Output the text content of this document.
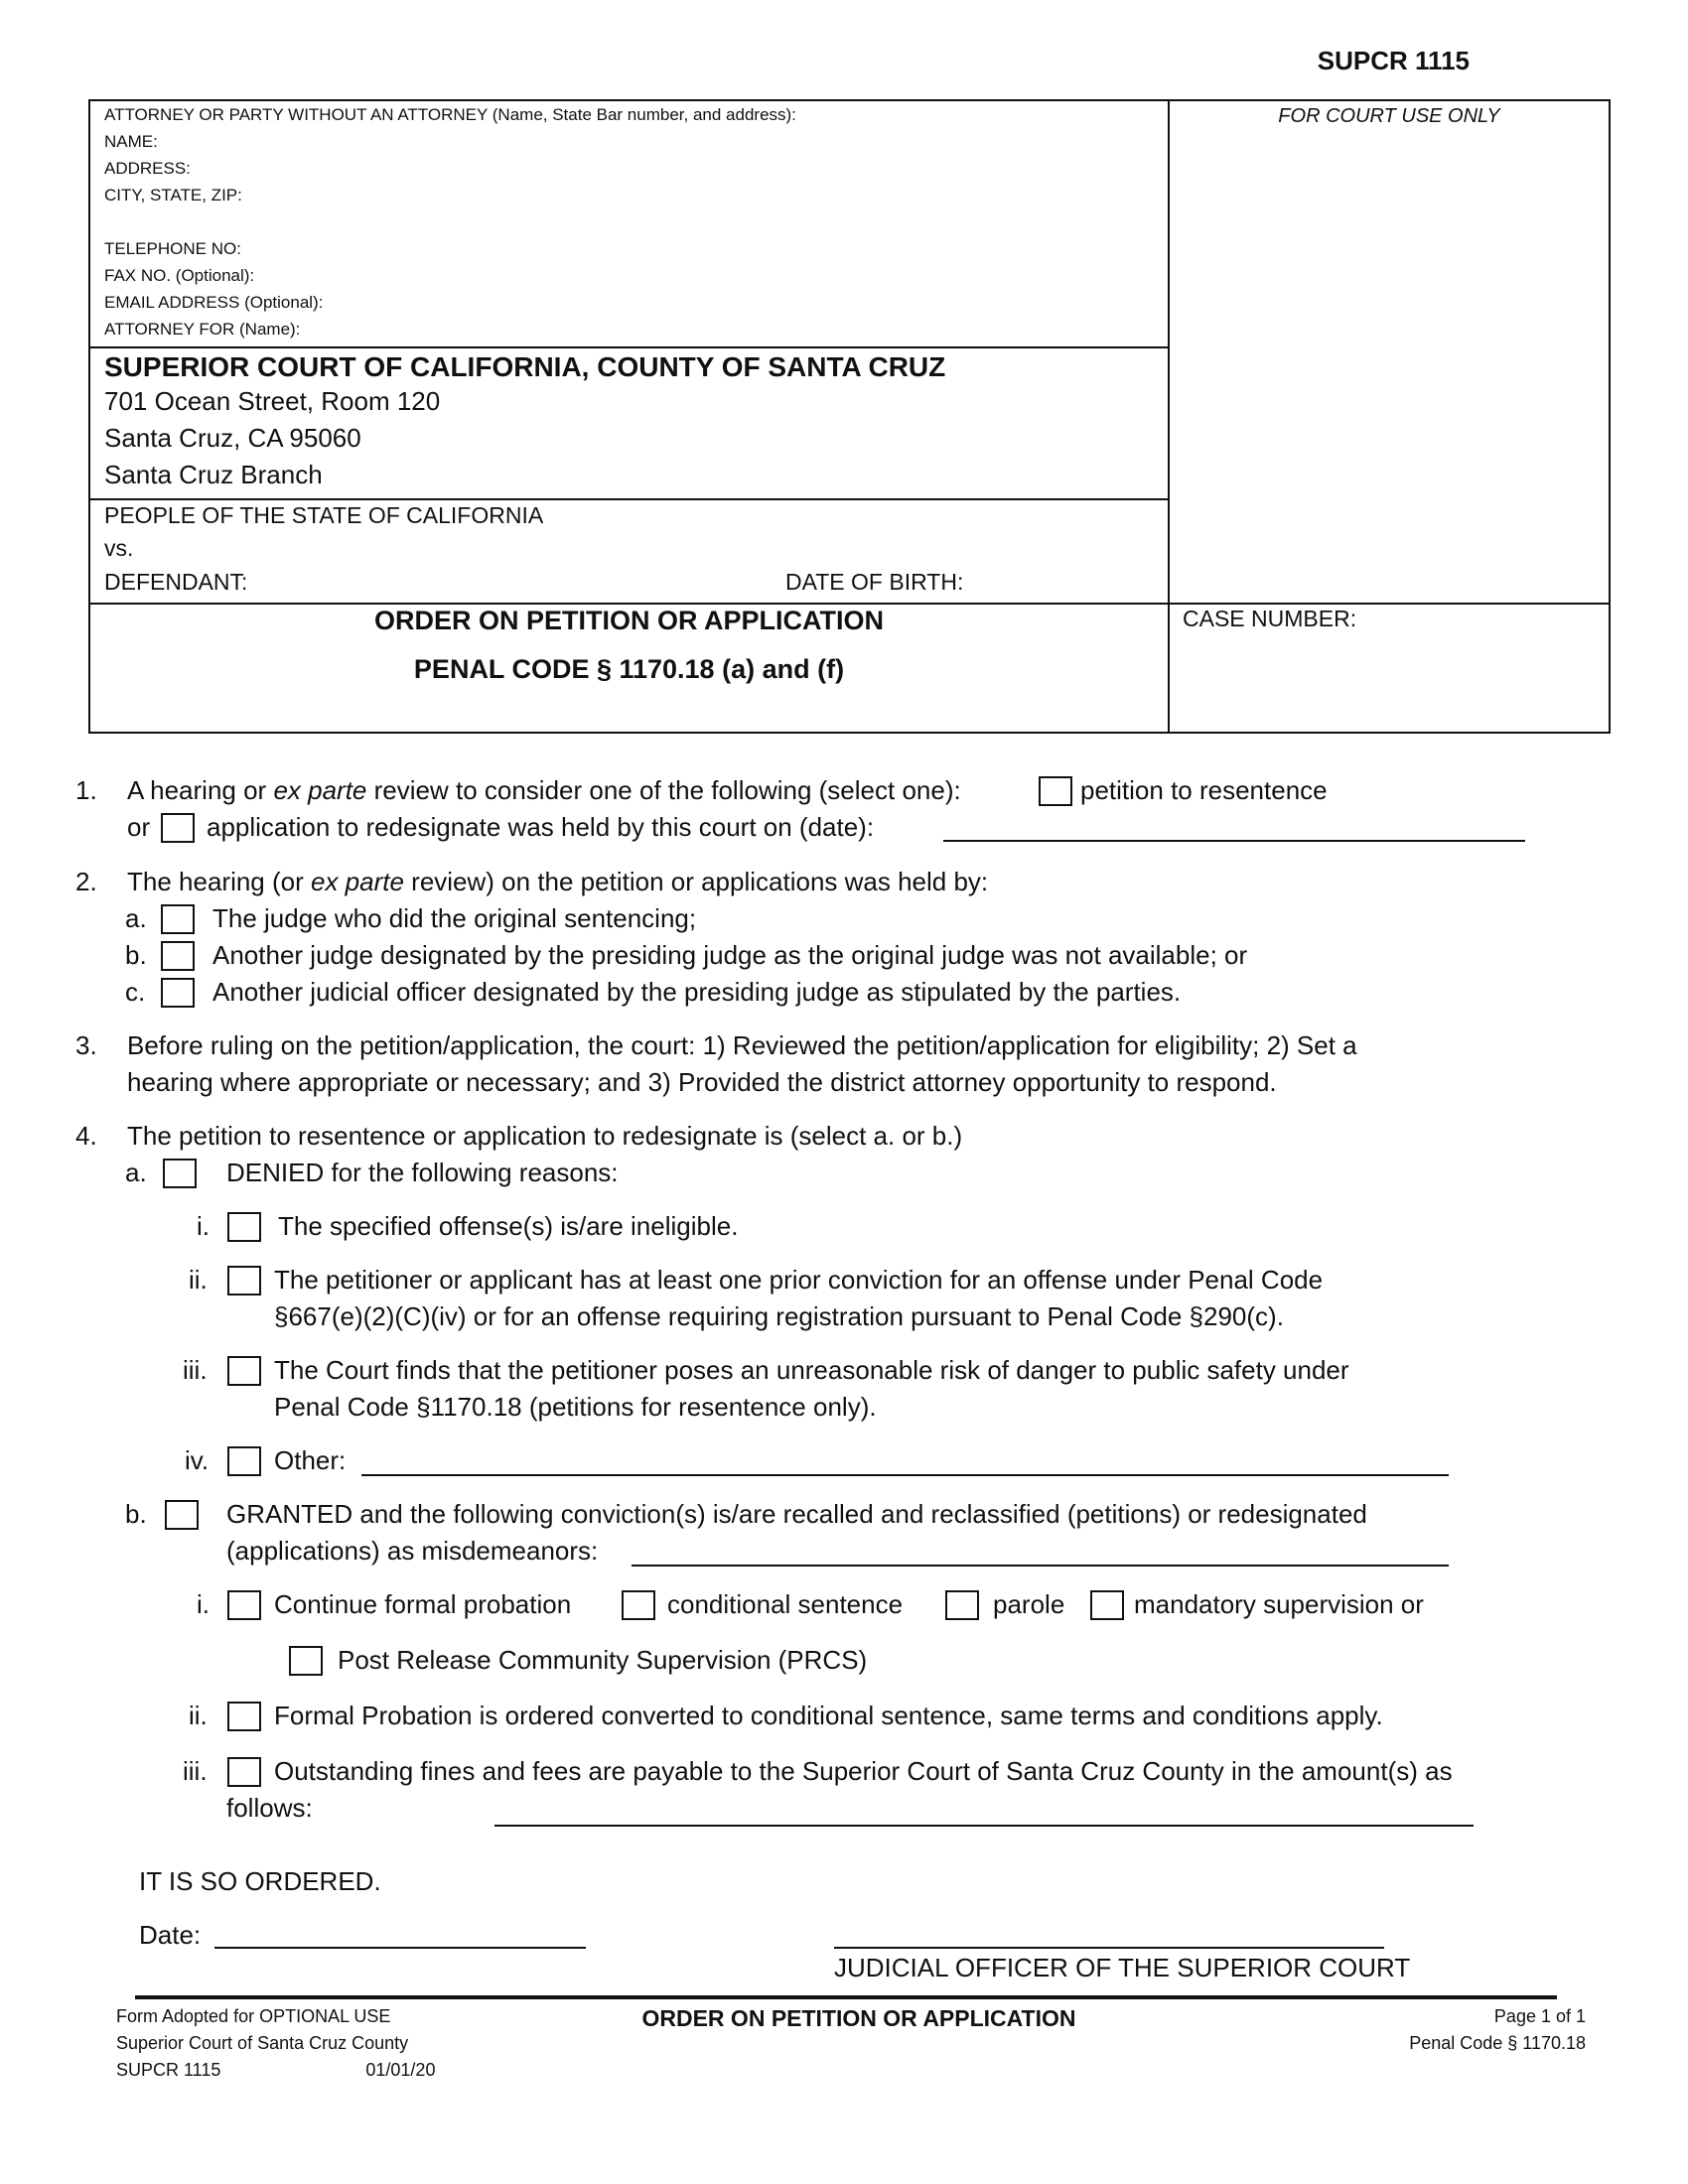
SUPCR 1115
ATTORNEY OR PARTY WITHOUT AN ATTORNEY (Name, State Bar number, and address):
NAME:
ADDRESS:
CITY, STATE, ZIP:
TELEPHONE NO:
FAX NO. (Optional):
EMAIL ADDRESS (Optional):
ATTORNEY FOR (Name):
FOR COURT USE ONLY
SUPERIOR COURT OF CALIFORNIA, COUNTY OF SANTA CRUZ
701 Ocean Street, Room 120
Santa Cruz, CA 95060
Santa Cruz Branch
PEOPLE OF THE STATE OF CALIFORNIA
vs.
DEFENDANT:	DATE OF BIRTH:
ORDER ON PETITION OR APPLICATION
PENAL CODE § 1170.18 (a) and (f)
CASE NUMBER:
1. A hearing or ex parte review to consider one of the following (select one):	petition to resentence
or application to redesignate was held by this court on (date):
2. The hearing (or ex parte review) on the petition or applications was held by:
a.	The judge who did the original sentencing;
b.	Another judge designated by the presiding judge as the original judge was not available; or
c.	Another judicial officer designated by the presiding judge as stipulated by the parties.
3. Before ruling on the petition/application, the court: 1) Reviewed the petition/application for eligibility; 2) Set a
hearing where appropriate or necessary; and 3) Provided the district attorney opportunity to respond.
4. The petition to resentence or application to redesignate is (select a. or b.)
a.	DENIED for the following reasons:
i.	The specified offense(s) is/are ineligible.
ii.	The petitioner or applicant has at least one prior conviction for an offense under Penal Code
§667(e)(2)(C)(iv) or for an offense requiring registration pursuant to Penal Code §290(c).
iii.	The Court finds that the petitioner poses an unreasonable risk of danger to public safety under
Penal Code §1170.18 (petitions for resentence only).
iv.	Other:
b.	GRANTED and the following conviction(s) is/are recalled and reclassified (petitions) or redesignated
(applications) as misdemeanors:
i.	Continue formal probation	conditional sentence	parole	mandatory supervision or
Post Release Community Supervision (PRCS)
ii.	Formal Probation is ordered converted to conditional sentence, same terms and conditions apply.
iii.	Outstanding fines and fees are payable to the Superior Court of Santa Cruz County in the amount(s) as
follows:
IT IS SO ORDERED.
Date:
JUDICIAL OFFICER OF THE SUPERIOR COURT
Form Adopted for OPTIONAL USE
Superior Court of Santa Cruz County
SUPCR 1115	01/01/20
ORDER ON PETITION OR APPLICATION	Page 1 of 1
Penal Code § 1170.18
